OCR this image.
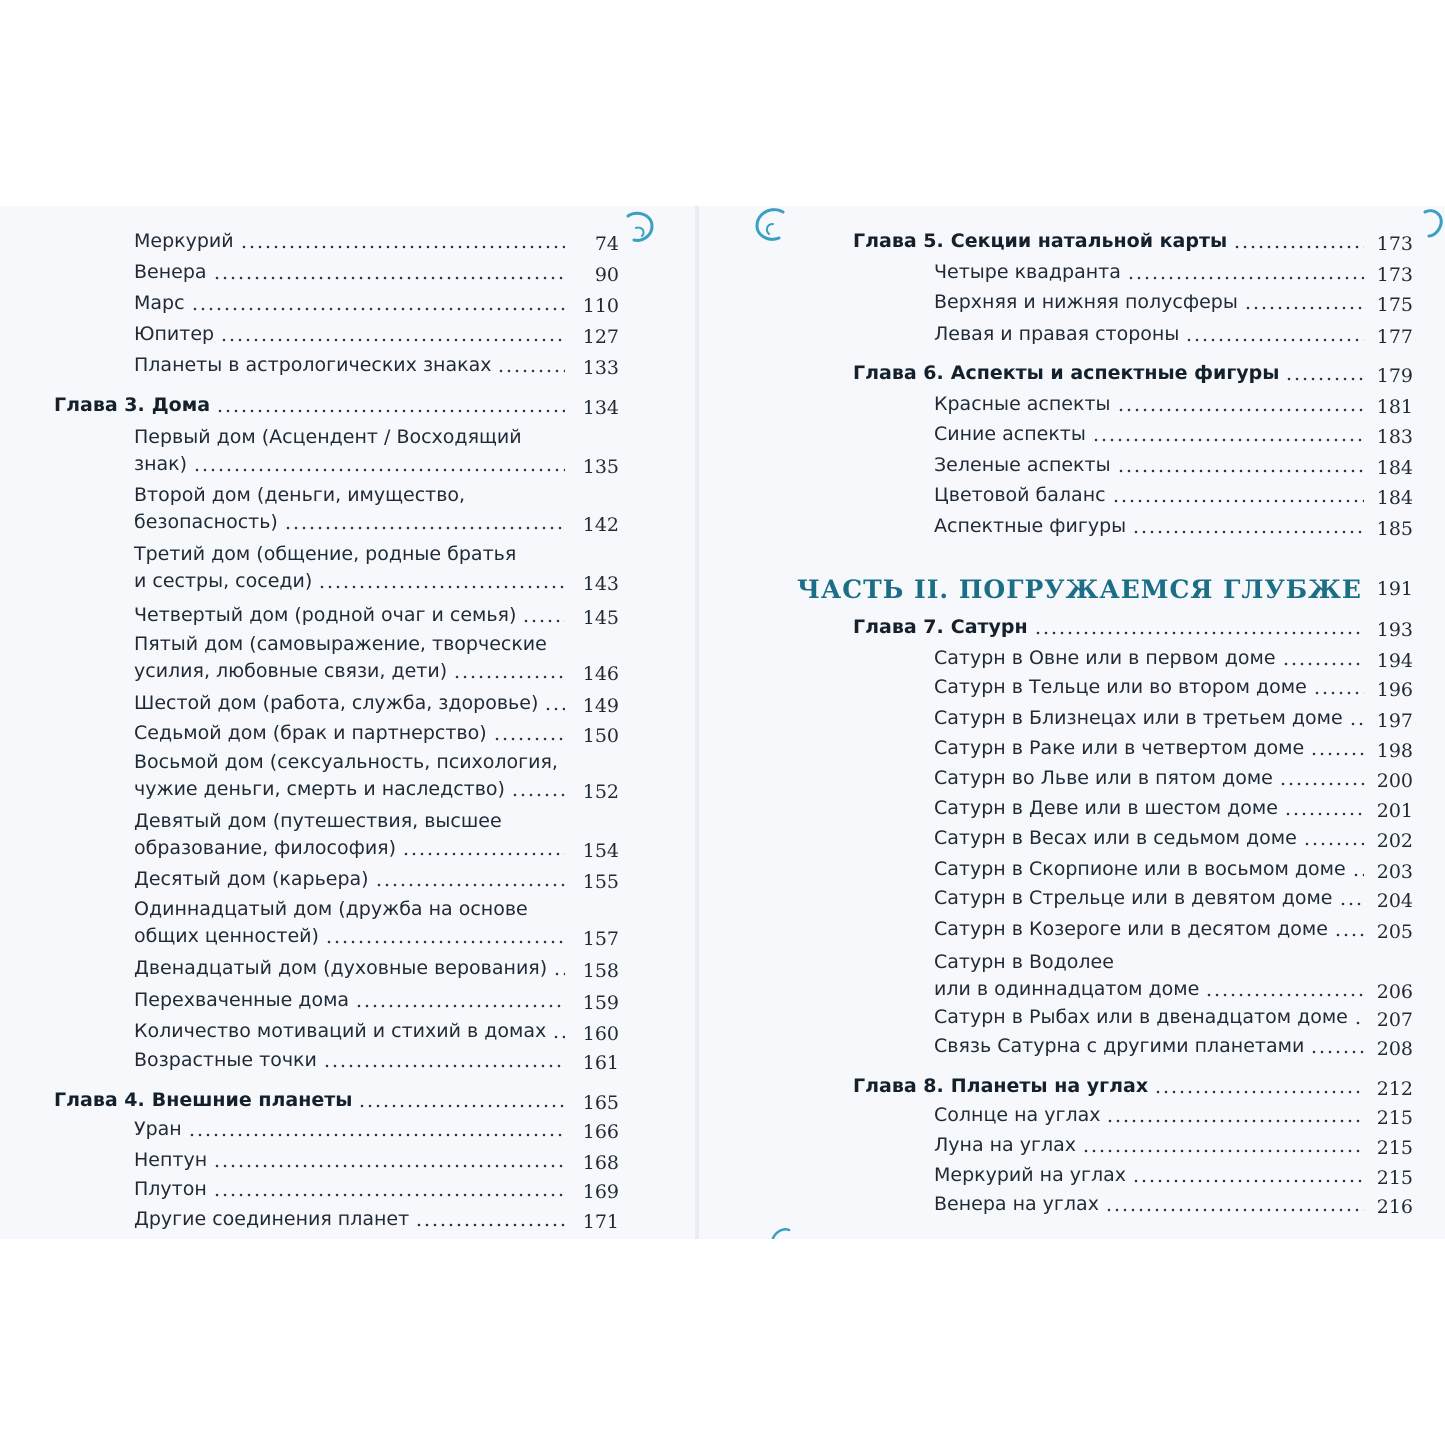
Меркурий	74
Венера	90
Марс	110
Юпитер	127
Планеты в астрологических знаках	133
Глава 3. Дома	134
Первый дом (Асцендент / Восходящий
знак)	135
Второй дом (деньги, имущество,
безопасность)	142
Третий дом (общение, родные братья
и сестры, соседи)	143
Четвертый дом (родной очаг и семья)	145
Пятый дом (самовыражение, творческие
усилия, любовные связи, дети)	146
Шестой дом (работа, служба, здоровье)	149
Седьмой дом (брак и партнерство)	150
Восьмой дом (сексуальность, психология,
чужие деньги, смерть и наследство)	152
Девятый дом (путешествия, высшее
образование, философия)	154
Десятый дом (карьера)	155
Одиннадцатый дом (дружба на основе
общих ценностей)	157
Двенадцатый дом (духовные верования)	158
Перехваченные дома	159
Количество мотиваций и стихий в домах	160
Возрастные точки	161
Глава 4. Внешние планеты	165
Уран	166
Нептун	168
Плутон	169
Другие соединения планет	171
Глава 5. Секции натальной карты	173
Четыре квадранта	173
Верхняя и нижняя полусферы	175
Левая и правая стороны	177
Глава 6. Аспекты и аспектные фигуры	179
Красные аспекты	181
Синие аспекты	183
Зеленые аспекты	184
Цветовой баланс	184
Аспектные фигуры	185
ЧАСТЬ II. ПОГРУЖАЕМСЯ ГЛУБЖЕ 191
Глава 7. Сатурн	193
Сатурн в Овне или в первом доме	194
Сатурн в Тельце или во втором доме	196
Сатурн в Близнецах или в третьем доме	197
Сатурн в Раке или в четвертом доме	198
Сатурн во Льве или в пятом доме	200
Сатурн в Деве или в шестом доме	201
Сатурн в Весах или в седьмом доме	202
Сатурн в Скорпионе или в восьмом доме	203
Сатурн в Стрельце или в девятом доме	204
Сатурн в Козероге или в десятом доме	205
Сатурн в Водолее
или в одиннадцатом доме	206
Сатурн в Рыбах или в двенадцатом доме	207
Связь Сатурна с другими планетами	208
Глава 8. Планеты на углах	212
Солнце на углах	215
Луна на углах	215
Меркурий на углах	215
Венера на углах	216
